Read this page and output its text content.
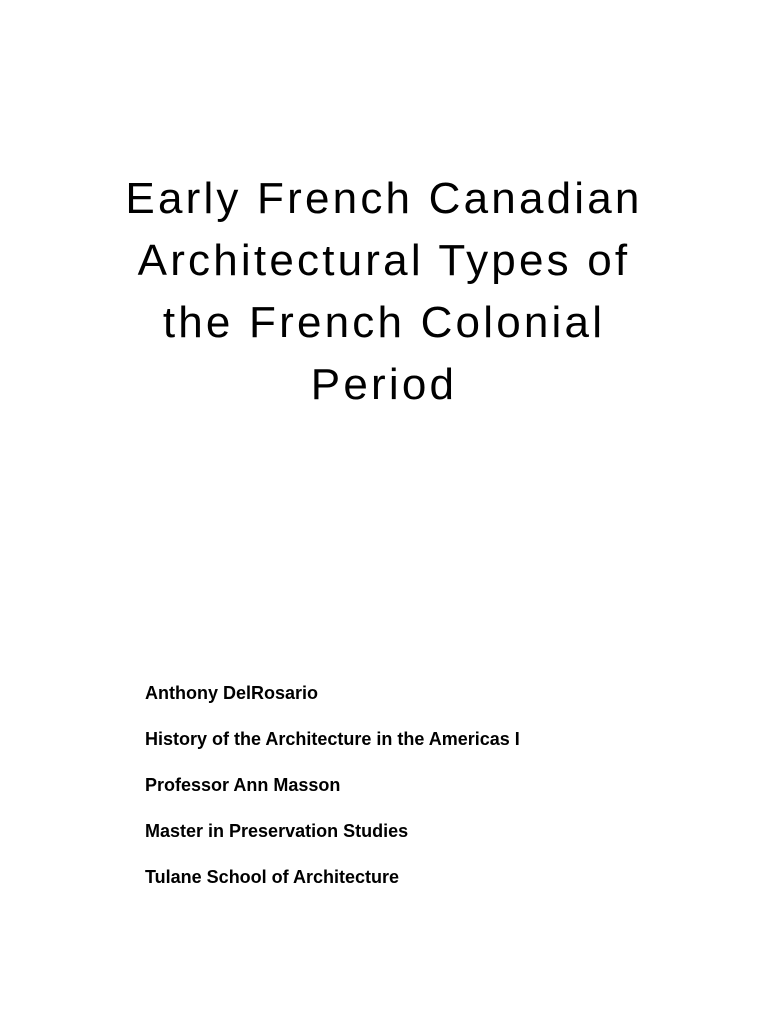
Early French Canadian
Architectural Types of
the French Colonial
Period
Anthony DelRosario
History of the Architecture in the Americas I
Professor Ann Masson
Master in Preservation Studies
Tulane School of Architecture
